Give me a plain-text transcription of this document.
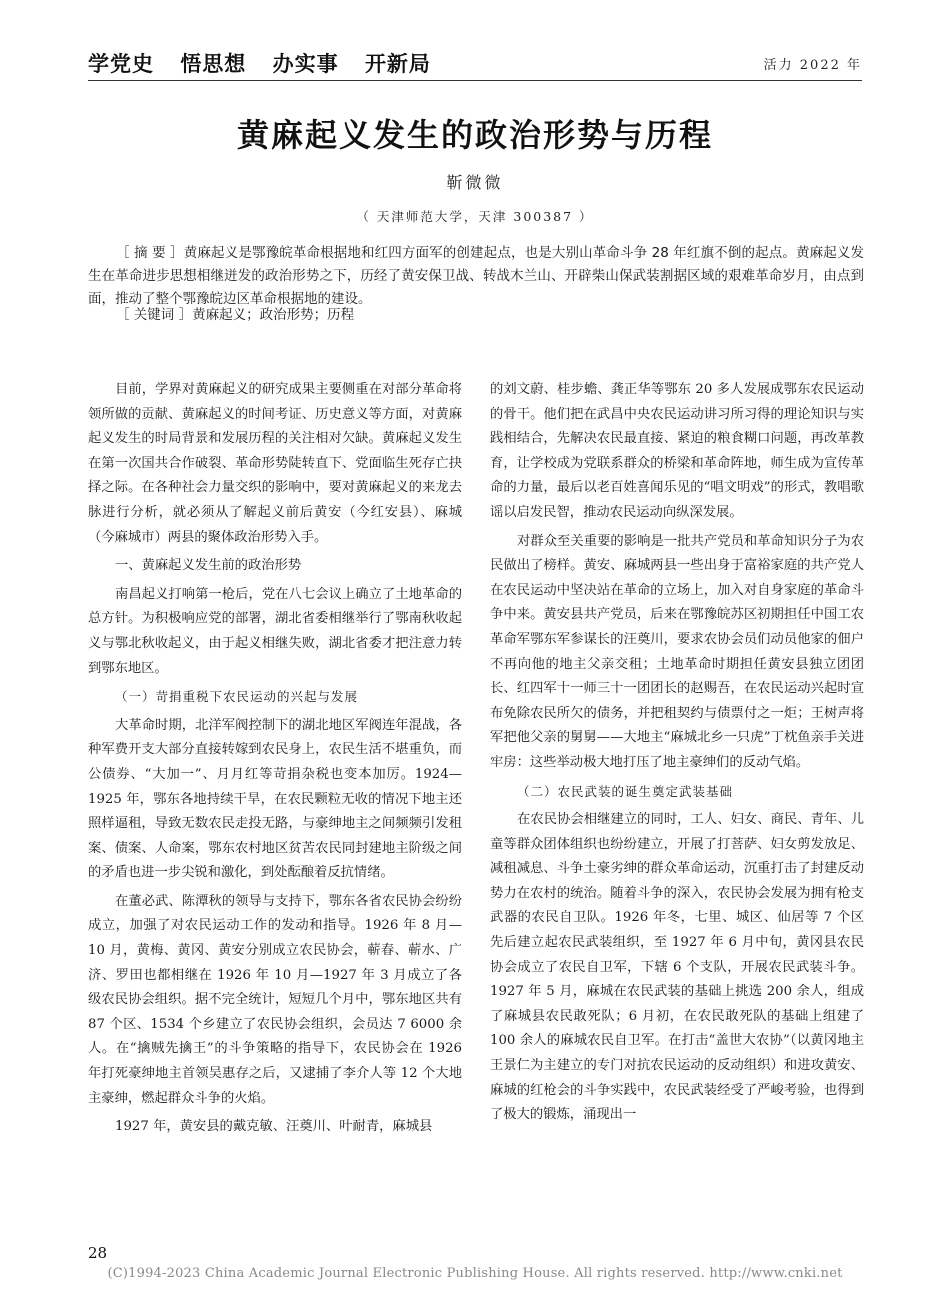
学党史 悟思想 办实事 开新局	活力 2022 年
黄麻起义发生的政治形势与历程
靳微微
（ 天津师范大学，天津 300387 ）
［ 摘 要 ］黄麻起义是鄂豫皖革命根据地和红四方面军的创建起点，也是大别山革命斗争 28 年红旗不倒的起点。黄麻起义发生在革命进步思想相继迸发的政治形势之下，历经了黄安保卫战、转战木兰山、开辟柴山保武装割据区域的艰难革命岁月，由点到面，推动了整个鄂豫皖边区革命根据地的建设。
［ 关键词 ］黄麻起义；政治形势；历程

目前，学界对黄麻起义的研究成果主要侧重在对部分革命将领所做的贡献、黄麻起义的时间考证、历史意义等方面，对黄麻起义发生的时局背景和发展历程的关注相对欠缺。黄麻起义发生在第一次国共合作破裂、革命形势陡转直下、党面临生死存亡抉择之际。在各种社会力量交织的影响中，要对黄麻起义的来龙去脉进行分析，就必须从了解起义前后黄安（今红安县）、麻城（今麻城市）两县的聚体政治形势入手。

一、黄麻起义发生前的政治形势

南昌起义打响第一枪后，党在八七会议上确立了土地革命的总方针。为积极响应党的部署，湖北省委相继举行了鄂南秋收起义与鄂北秋收起义，由于起义相继失败，湖北省委才把注意力转到鄂东地区。

（一）苛捐重税下农民运动的兴起与发展

大革命时期，北洋军阀控制下的湖北地区军阀连年混战，各种军费开支大部分直接转嫁到农民身上，农民生活不堪重负，而公债券、“大加一”、月月红等苛捐杂税也变本加厉。1924—1925 年，鄂东各地持续干旱，在农民颗粒无收的情况下地主还照样逼租，导致无数农民走投无路，与豪绅地主之间频频引发租案、债案、人命案，鄂东农村地区贫苦农民同封建地主阶级之间的矛盾也进一步尖锐和激化，到处酝酿着反抗情绪。

在董必武、陈潭秋的领导与支持下，鄂东各省农民协会纷纷成立，加强了对农民运动工作的发动和指导。1926 年 8 月—10 月，黄梅、黄冈、黄安分别成立农民协会，蕲春、蕲水、广济、罗田也都相继在 1926 年 10 月—1927 年 3 月成立了各级农民协会组织。据不完全统计，短短几个月中，鄂东地区共有 87 个区、1534 个乡建立了农民协会组织，会员达 7 6000 余人。在“擒贼先擒王”的斗争策略的指导下，农民协会在 1926 年打死豪绅地主首领吴惠存之后，又逮捕了李介人等 12 个大地主豪绅，燃起群众斗争的火焰。

1927 年，黄安县的戴克敏、汪奠川、叶耐青，麻城县

的刘文蔚、桂步蟾、龚正华等鄂东 20 多人发展成鄂东农民运动的骨干。他们把在武昌中央农民运动讲习所习得的理论知识与实践相结合，先解决农民最直接、紧迫的粮食糊口问题，再改革教育，让学校成为党联系群众的桥梁和革命阵地，师生成为宣传革命的力量，最后以老百姓喜闻乐见的“唱文明戏”的形式，教唱歌谣以启发民智，推动农民运动向纵深发展。

对群众至关重要的影响是一批共产党员和革命知识分子为农民做出了榜样。黄安、麻城两县一些出身于富裕家庭的共产党人在农民运动中坚决站在革命的立场上，加入对自身家庭的革命斗争中来。黄安县共产党员，后来在鄂豫皖苏区初期担任中国工农革命军鄂东军参谋长的汪奠川，要求农协会员们动员他家的佃户不再向他的地主父亲交租；土地革命时期担任黄安县独立团团长、红四军十一师三十一团团长的赵赐吾，在农民运动兴起时宣布免除农民所欠的债务，并把租契约与债票付之一炬；王树声将军把他父亲的舅舅——大地主“麻城北乡一只虎”丁枕鱼亲手关进牢房：这些举动极大地打压了地主豪绅们的反动气焰。

（二）农民武装的诞生奠定武装基础

在农民协会相继建立的同时，工人、妇女、商民、青年、儿童等群众团体组织也纷纷建立，开展了打菩萨、妇女剪发放足、减租减息、斗争土豪劣绅的群众革命运动，沉重打击了封建反动势力在农村的统治。随着斗争的深入，农民协会发展为拥有枪支武器的农民自卫队。1926 年冬，七里、城区、仙居等 7 个区先后建立起农民武装组织，至 1927 年 6 月中旬，黄冈县农民协会成立了农民自卫军，下辖 6 个支队，开展农民武装斗争。1927 年 5 月，麻城在农民武装的基础上挑选 200 余人，组成了麻城县农民敢死队；6 月初，在农民敢死队的基础上组建了 100 余人的麻城农民自卫军。在打击“盖世大农协”（以黄冈地主王景仁为主建立的专门对抗农民运动的反动组织）和进攻黄安、麻城的红枪会的斗争实践中，农民武装经受了严峻考验，也得到了极大的锻炼，涌现出一

28
(C)1994-2023 China Academic Journal Electronic Publishing House. All rights reserved. http://www.cnki.net
